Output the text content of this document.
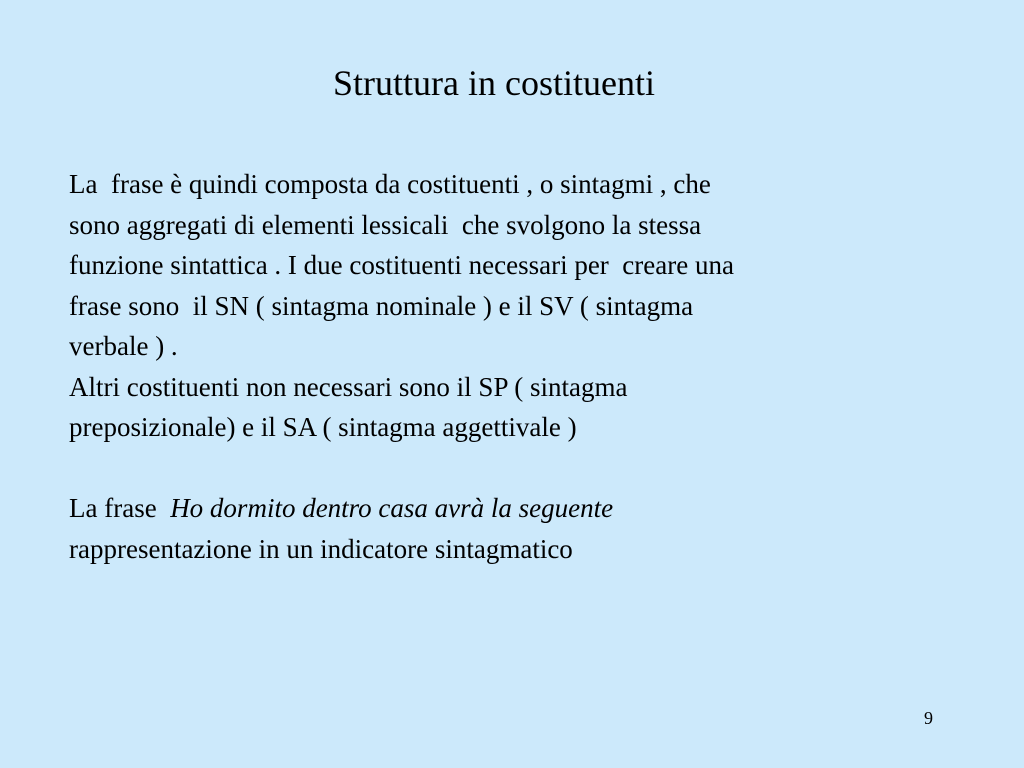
Struttura in costituenti
La  frase è quindi composta da costituenti , o sintagmi , che
sono aggregati di elementi lessicali  che svolgono la stessa
funzione sintattica . I due costituenti necessari per  creare una
frase sono  il SN ( sintagma nominale ) e il SV ( sintagma
verbale ) .
Altri costituenti non necessari sono il SP ( sintagma
preposizionale) e il SA ( sintagma aggettivale )
La frase  Ho dormito dentro casa avrà la seguente
rappresentazione in un indicatore sintagmatico
9
